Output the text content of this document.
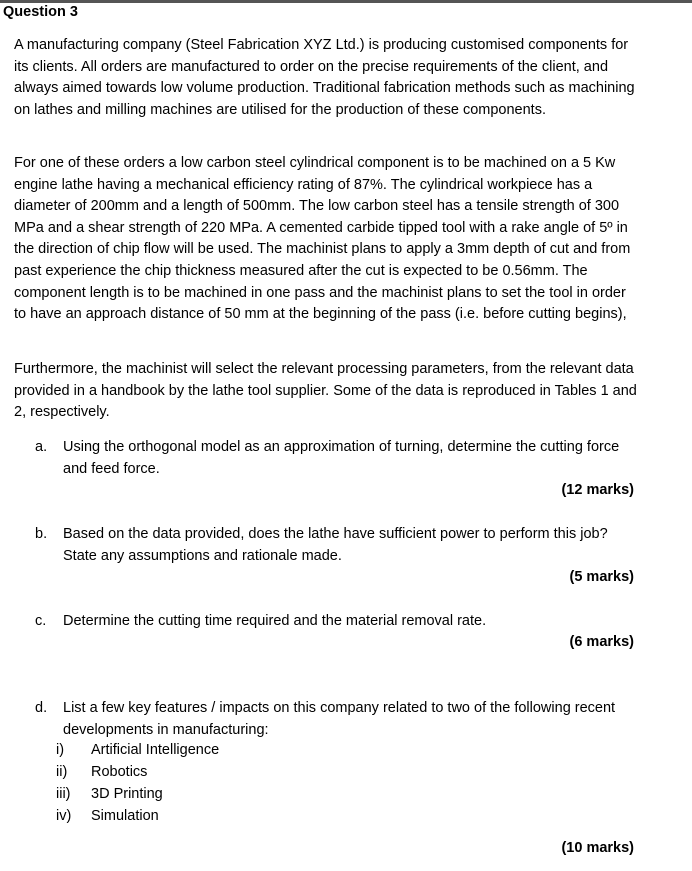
Question 3
A manufacturing company (Steel Fabrication XYZ Ltd.) is producing customised components for its clients. All orders are manufactured to order on the precise requirements of the client, and always aimed towards low volume production. Traditional fabrication methods such as machining on lathes and milling machines are utilised for the production of these components.
For one of these orders a low carbon steel cylindrical component is to be machined on a 5 Kw engine lathe having a mechanical efficiency rating of 87%. The cylindrical workpiece has a diameter of 200mm and a length of 500mm. The low carbon steel has a tensile strength of 300 MPa and a shear strength of 220 MPa. A cemented carbide tipped tool with a rake angle of 5º in the direction of chip flow will be used. The machinist plans to apply a 3mm depth of cut and from past experience the chip thickness measured after the cut is expected to be 0.56mm. The component length is to be machined in one pass and the machinist plans to set the tool in order to have an approach distance of 50 mm at the beginning of the pass (i.e. before cutting begins),
Furthermore, the machinist will select the relevant processing parameters, from the relevant data provided in a handbook by the lathe tool supplier. Some of the data is reproduced in Tables 1 and 2, respectively.
a. Using the orthogonal model as an approximation of turning, determine the cutting force and feed force.
(12 marks)
b. Based on the data provided, does the lathe have sufficient power to perform this job? State any assumptions and rationale made.
(5 marks)
c. Determine the cutting time required and the material removal rate.
(6 marks)
d. List a few key features / impacts on this company related to two of the following recent developments in manufacturing:
i)	Artificial Intelligence
ii)	Robotics
iii)	3D Printing
iv)	Simulation
(10 marks)
